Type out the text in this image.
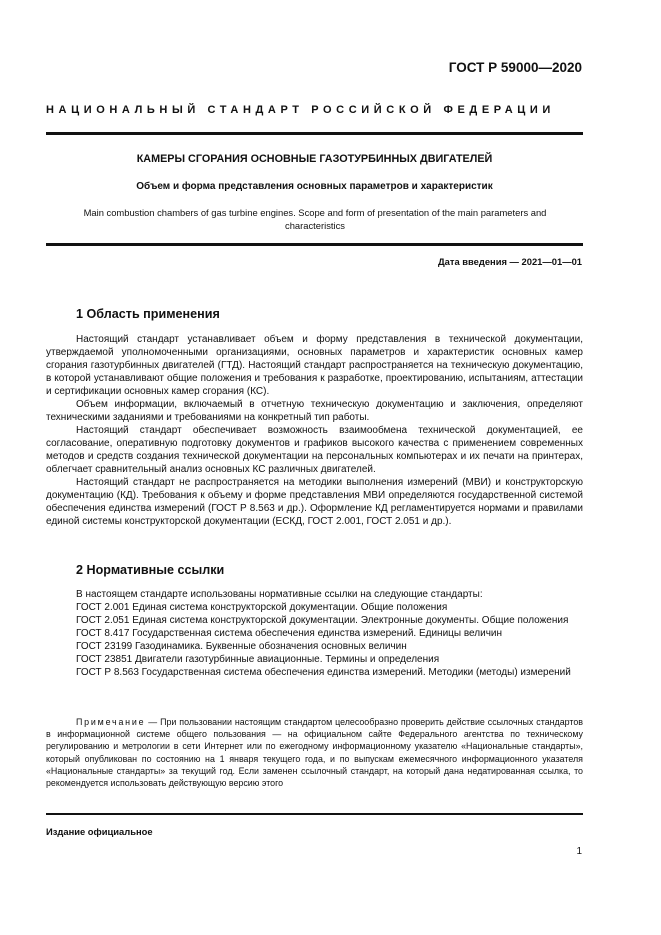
ГОСТ Р 59000—2020
НАЦИОНАЛЬНЫЙ СТАНДАРТ РОССИЙСКОЙ ФЕДЕРАЦИИ
КАМЕРЫ СГОРАНИЯ ОСНОВНЫЕ ГАЗОТУРБИННЫХ ДВИГАТЕЛЕЙ
Объем и форма представления основных параметров и характеристик
Main combustion chambers of gas turbine engines. Scope and form of presentation of the main parameters and characteristics
Дата введения — 2021—01—01
1 Область применения

Настоящий стандарт устанавливает объем и форму представления в технической документации, утверждаемой уполномоченными организациями, основных параметров и характеристик основных камер сгорания газотурбинных двигателей (ГТД). Настоящий стандарт распространяется на техническую документацию, в которой устанавливают общие положения и требования к разработке, проектированию, испытаниям, аттестации и сертификации основных камер сгорания (КС).

Объем информации, включаемый в отчетную техническую документацию и заключения, определяют техническими заданиями и требованиями на конкретный тип работы.

Настоящий стандарт обеспечивает возможность взаимообмена технической документацией, ее согласование, оперативную подготовку документов и графиков высокого качества с применением современных методов и средств создания технической документации на персональных компьютерах и их печати на принтерах, облегчает сравнительный анализ основных КС различных двигателей.

Настоящий стандарт не распространяется на методики выполнения измерений (МВИ) и конструкторскую документацию (КД). Требования к объему и форме представления МВИ определяются государственной системой обеспечения единства измерений (ГОСТ Р 8.563 и др.). Оформление КД регламентируется нормами и правилами единой системы конструкторской документации (ЕСКД, ГОСТ 2.001, ГОСТ 2.051 и др.).

2 Нормативные ссылки

В настоящем стандарте использованы нормативные ссылки на следующие стандарты:

ГОСТ 2.001 Единая система конструкторской документации. Общие положения

ГОСТ 2.051 Единая система конструкторской документации. Электронные документы. Общие положения

ГОСТ 8.417 Государственная система обеспечения единства измерений. Единицы величин

ГОСТ 23199 Газодинамика. Буквенные обозначения основных величин

ГОСТ 23851 Двигатели газотурбинные авиационные. Термины и определения

ГОСТ Р 8.563 Государственная система обеспечения единства измерений. Методики (методы) измерений

Примечание — При пользовании настоящим стандартом целесообразно проверить действие ссылочных стандартов в информационной системе общего пользования — на официальном сайте Федерального агентства по техническому регулированию и метрологии в сети Интернет или по ежегодному информационному указателю «Национальные стандарты», который опубликован по состоянию на 1 января текущего года, и по выпускам ежемесячного информационного указателя «Национальные стандарты» за текущий год. Если заменен ссылочный стандарт, на который дана недатированная ссылка, то рекомендуется использовать действующую версию этого

Издание официальное
1
